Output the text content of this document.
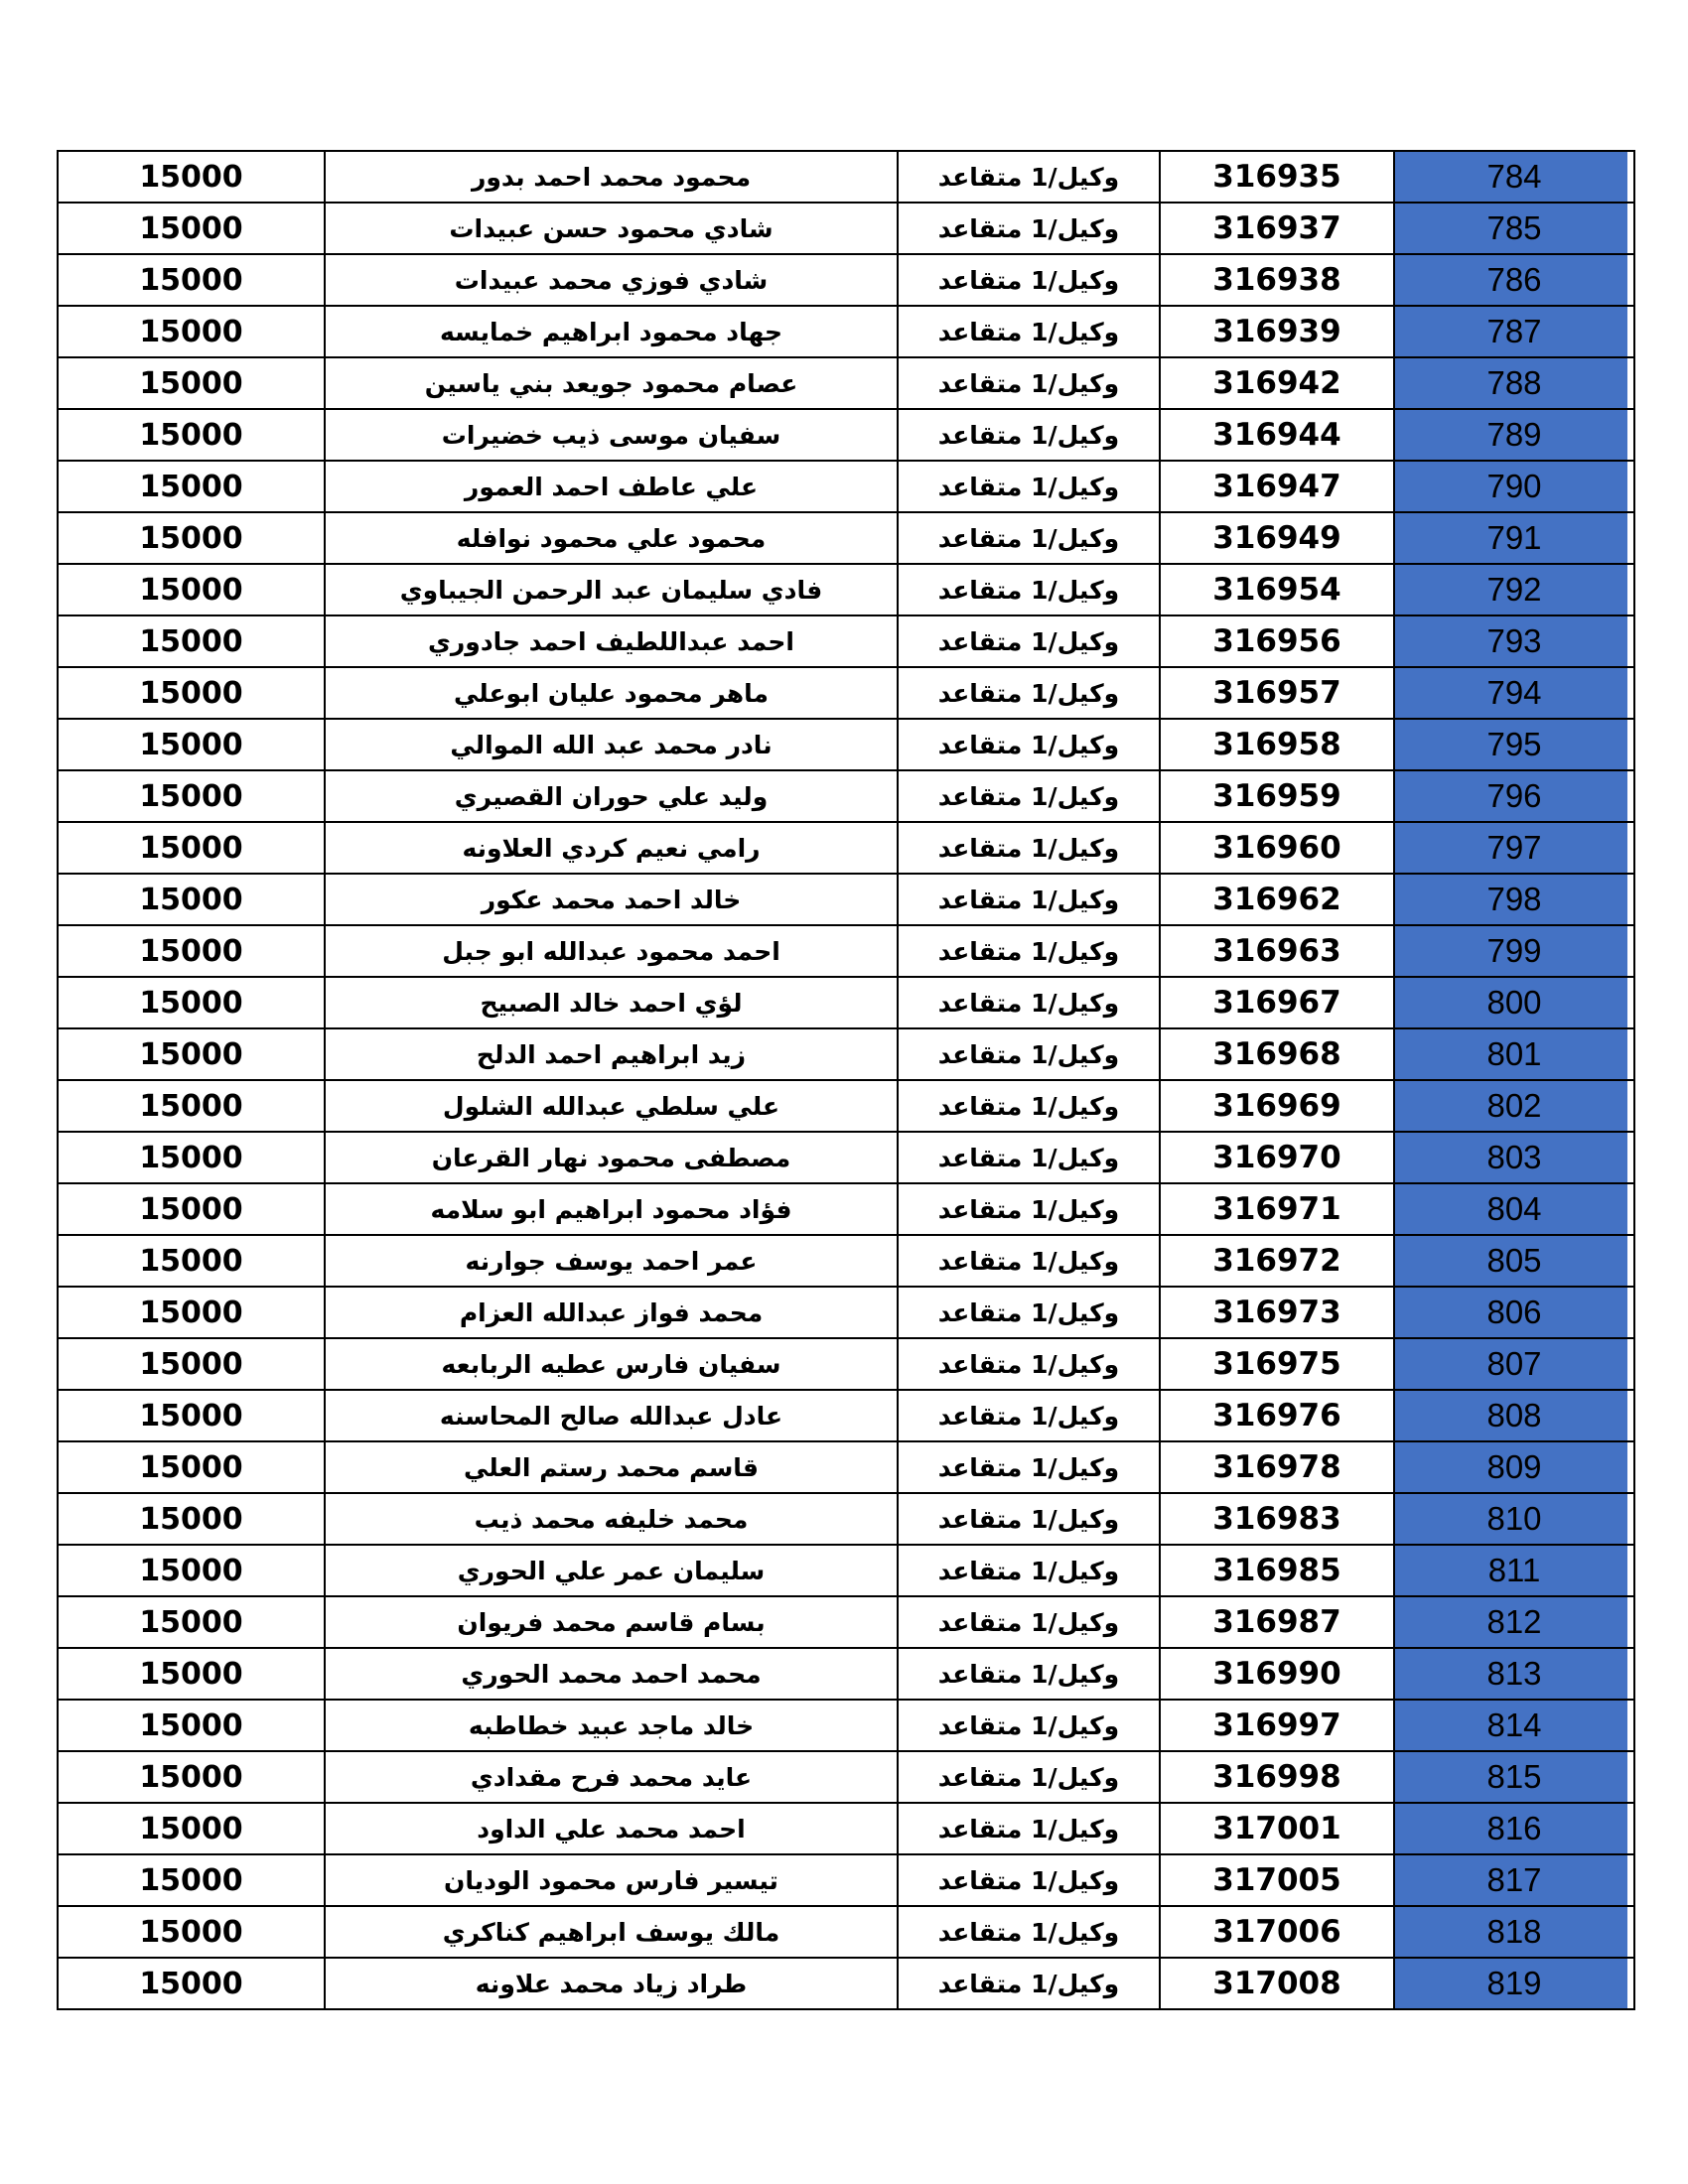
15000	محمود محمد احمد بدور	وكيل/1 متقاعد	316935	784
15000	شادي محمود حسن عبيدات	وكيل/1 متقاعد	316937	785
15000	شادي فوزي محمد عبيدات	وكيل/1 متقاعد	316938	786
15000	جهاد محمود ابراهيم خمايسه	وكيل/1 متقاعد	316939	787
15000	عصام محمود جويعد بني ياسين	وكيل/1 متقاعد	316942	788
15000	سفيان موسى ذيب خضيرات	وكيل/1 متقاعد	316944	789
15000	علي عاطف احمد العمور	وكيل/1 متقاعد	316947	790
15000	محمود علي محمود نوافله	وكيل/1 متقاعد	316949	791
15000	فادي سليمان عبد الرحمن الجيباوي	وكيل/1 متقاعد	316954	792
15000	احمد عبداللطيف احمد جادوري	وكيل/1 متقاعد	316956	793
15000	ماهر محمود عليان ابوعلي	وكيل/1 متقاعد	316957	794
15000	نادر محمد عبد الله الموالي	وكيل/1 متقاعد	316958	795
15000	وليد علي حوران القصيري	وكيل/1 متقاعد	316959	796
15000	رامي نعيم كردي العلاونه	وكيل/1 متقاعد	316960	797
15000	خالد احمد محمد عكور	وكيل/1 متقاعد	316962	798
15000	احمد محمود عبدالله ابو جبل	وكيل/1 متقاعد	316963	799
15000	لؤي احمد خالد الصبيح	وكيل/1 متقاعد	316967	800
15000	زيد ابراهيم احمد الدلح	وكيل/1 متقاعد	316968	801
15000	علي سلطي عبدالله الشلول	وكيل/1 متقاعد	316969	802
15000	مصطفى محمود نهار القرعان	وكيل/1 متقاعد	316970	803
15000	فؤاد محمود ابراهيم ابو سلامه	وكيل/1 متقاعد	316971	804
15000	عمر احمد يوسف جوارنه	وكيل/1 متقاعد	316972	805
15000	محمد فواز عبدالله العزام	وكيل/1 متقاعد	316973	806
15000	سفيان فارس عطيه الربابعه	وكيل/1 متقاعد	316975	807
15000	عادل عبدالله صالح المحاسنه	وكيل/1 متقاعد	316976	808
15000	قاسم محمد رستم العلي	وكيل/1 متقاعد	316978	809
15000	محمد خليفه محمد ذيب	وكيل/1 متقاعد	316983	810
15000	سليمان عمر علي الحوري	وكيل/1 متقاعد	316985	811
15000	بسام قاسم محمد فريوان	وكيل/1 متقاعد	316987	812
15000	محمد احمد محمد الحوري	وكيل/1 متقاعد	316990	813
15000	خالد ماجد عبيد خطاطبه	وكيل/1 متقاعد	316997	814
15000	عايد محمد فرح مقدادي	وكيل/1 متقاعد	316998	815
15000	احمد محمد علي الداود	وكيل/1 متقاعد	317001	816
15000	تيسير فارس محمود الوديان	وكيل/1 متقاعد	317005	817
15000	مالك يوسف ابراهيم كناكري	وكيل/1 متقاعد	317006	818
15000	طراد زياد محمد علاونه	وكيل/1 متقاعد	317008	819
